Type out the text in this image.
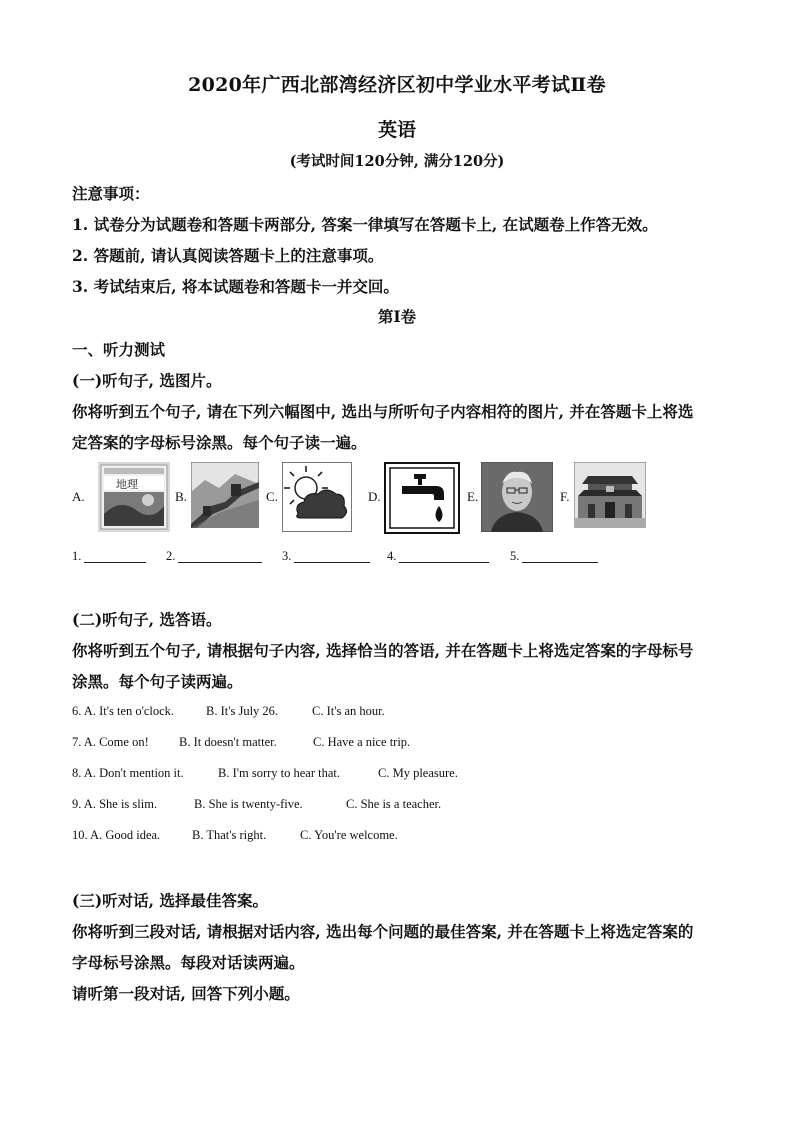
2020年广西北部湾经济区初中学业水平考试Ⅱ卷
英语
(考试时间120分钟, 满分120分)
注意事项：
1. 试卷分为试题卷和答题卡两部分, 答案一律填写在答题卡上, 在试题卷上作答无效。
2. 答题前, 请认真阅读答题卡上的注意事项。
3. 考试结束后, 将本试题卷和答题卡一并交回。
第I卷
一、听力测试
(一)听句子, 选图片。
你将听到五个句子, 请在下列六幅图中, 选出与所听句子内容相符的图片, 并在答题卡上将选
定答案的字母标号涂黑。每个句子读一遍。
A.
地理
B.	C.	D.	E.	F.
1.	2.	3.	4.	5.
(二)听句子, 选答语。
你将听到五个句子, 请根据句子内容, 选择恰当的答语, 并在答题卡上将选定答案的字母标号
涂黑。每个句子读两遍。
6. A. It's ten o'clock.	B. It's July 26.	C. It's an hour.
7. A. Come on! B. It doesn't matter.	C. Have a nice trip.
8. A. Don't mention it.	B. I'm sorry to hear that.	C. My pleasure.
9. A. She is slim.	B. She is twenty-five.	C. She is a teacher.
10. A. Good idea.	B. That's right.	C. You're welcome.
(三)听对话, 选择最佳答案。
你将听到三段对话, 请根据对话内容, 选出每个问题的最佳答案, 并在答题卡上将选定答案的
字母标号涂黑。每段对话读两遍。
请听第一段对话, 回答下列小题。
